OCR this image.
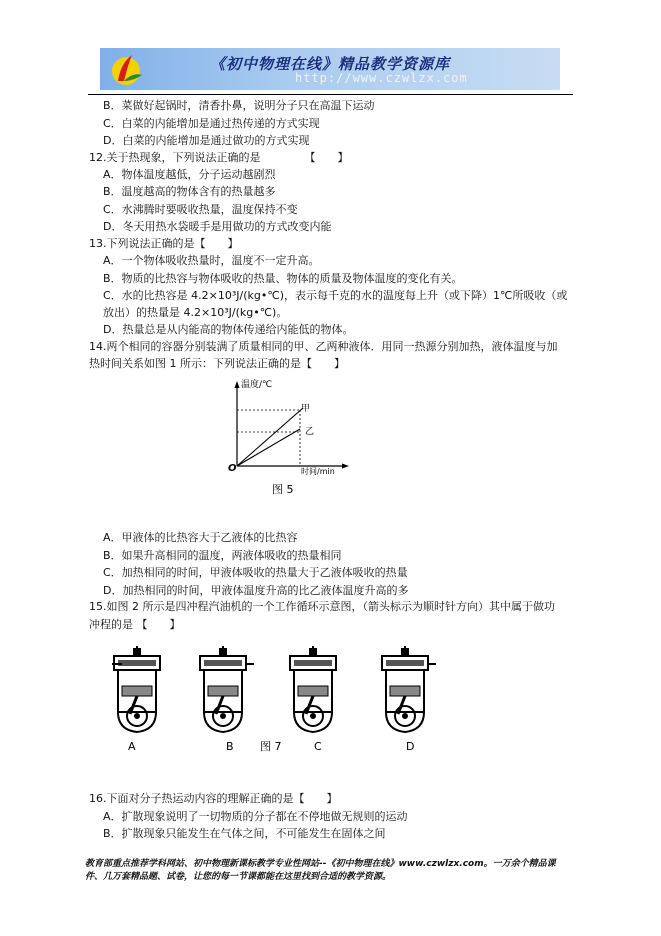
《初中物理在线》精品教学资源库
http://www.czwlzx.com
B．菜做好起锅时，清香扑鼻，说明分子只在高温下运动
C．白菜的内能增加是通过热传递的方式实现
D．白菜的内能增加是通过做功的方式实现
12.关于热现象，下列说法正确的是	【　　】
A．物体温度越低，分子运动越剧烈
B．温度越高的物体含有的热量越多
C．水沸腾时要吸收热量，温度保持不变
D．冬天用热水袋暖手是用做功的方式改变内能
13.下列说法正确的是【　　】
A．一个物体吸收热量时，温度不一定升高。
B．物质的比热容与物体吸收的热量、物体的质量及物体温度的变化有关。
C．水的比热容是 4.2×10³J/(kg•℃)，表示每千克的水的温度每上升（或下降）1℃所吸收（或
放出）的热量是 4.2×10³J/(kg•℃)。
D．热量总是从内能高的物体传递给内能低的物体。
14.两个相同的容器分别装满了质量相同的甲、乙两种液体．用同一热源分别加热，液体温度与加
热时间关系如图 1 所示：下列说法正确的是【　　】
温度/℃
时间/min
O
甲
乙
图 5
A．甲液体的比热容大于乙液体的比热容
B．如果升高相同的温度，两液体吸收的热量相同
C．加热相同的时间，甲液体吸收的热量大于乙液体吸收的热量
D．加热相同的时间，甲液体温度升高的比乙液体温度升高的多
15.如图 2 所示是四冲程汽油机的一个工作循环示意图，（箭头标示为顺时针方向）其中属于做功
冲程的是 【　　】
A	B 图 7	C	D
16.下面对分子热运动内容的理解正确的是【　　】
A．扩散现象说明了一切物质的分子都在不停地做无规则的运动
B．扩散现象只能发生在气体之间，不可能发生在固体之间
教育部重点推荐学科网站、初中物理新课标教学专业性网站--《初中物理在线》www.czwlzx.com。一万余个精品课
件、几万套精品题、试卷，让您的每一节课都能在这里找到合适的教学资源。
